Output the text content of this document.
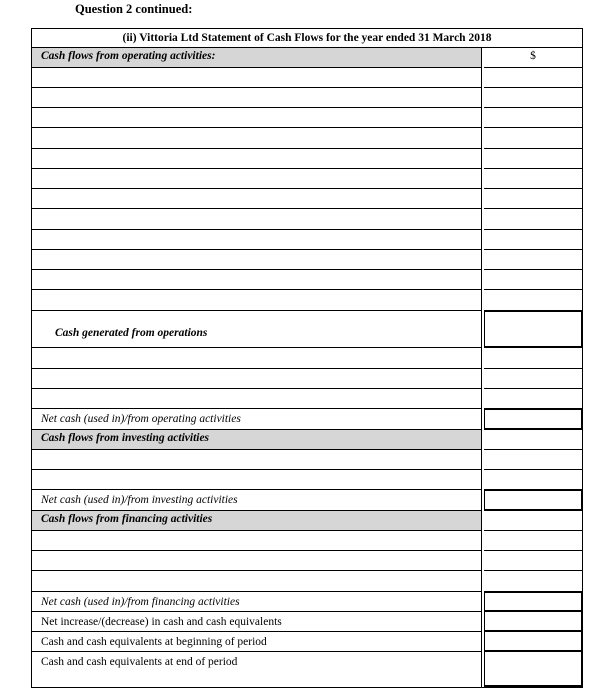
Question 2 continued:
(ii) Vittoria Ltd Statement of Cash Flows for the year ended 31 March 2018
Cash flows from operating activities:	$
Cash generated from operations
Net cash (used in)/from operating activities
Cash flows from investing activities
Net cash (used in)/from investing activities
Cash flows from financing activities
Net cash (used in)/from financing activities
Net increase/(decrease) in cash and cash equivalents
Cash and cash equivalents at beginning of period
Cash and cash equivalents at end of period
